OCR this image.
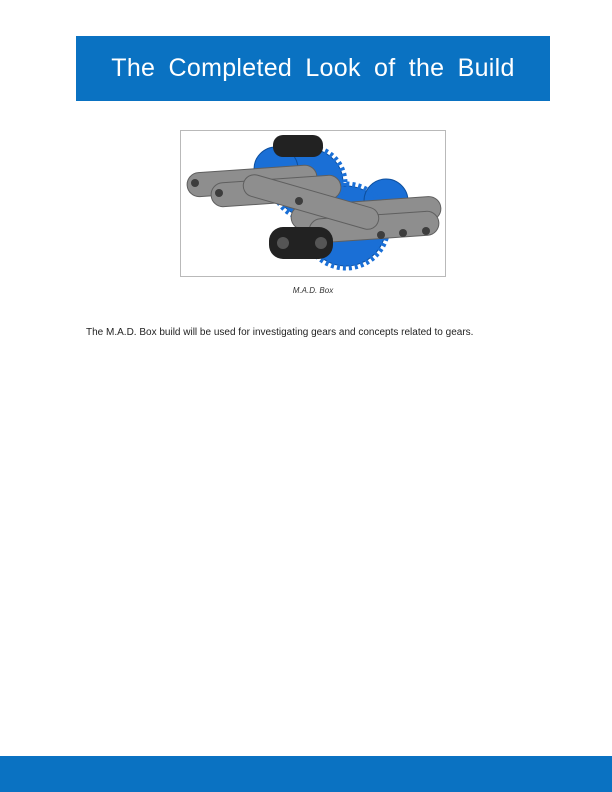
The Completed Look of the Build
M.A.D. Box
The M.A.D. Box build will be used for investigating gears and concepts related to gears.
